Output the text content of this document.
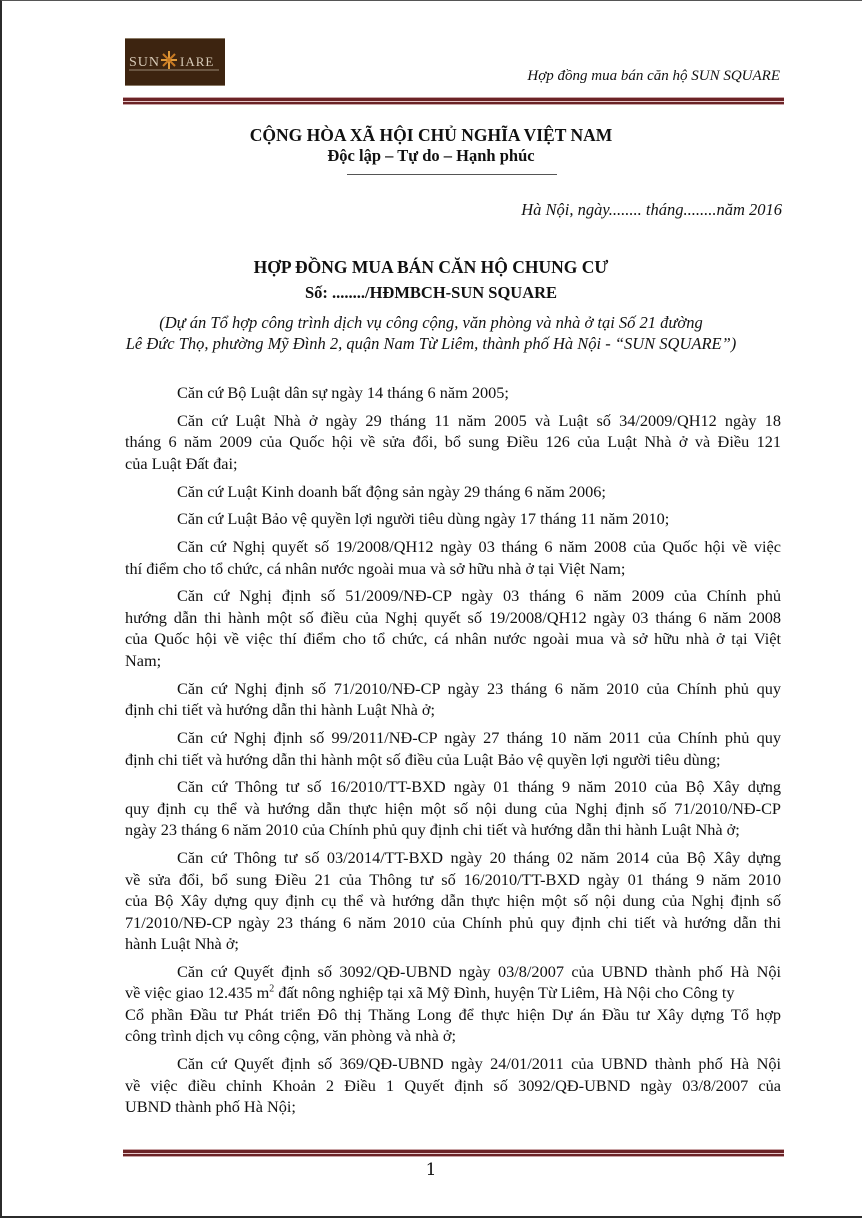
SUN IARE
Hợp đồng mua bán căn hộ SUN SQUARE
CỘNG HÒA XÃ HỘI CHỦ NGHĨA VIỆT NAM
Độc lập – Tự do – Hạnh phúc
Hà Nội, ngày........ tháng........năm 2016
HỢP ĐỒNG MUA BÁN CĂN HỘ CHUNG CƯ
Số: ......../HĐMBCH-SUN SQUARE
(Dự án Tổ hợp công trình dịch vụ công cộng, văn phòng và nhà ở tại Số 21 đường
Lê Đức Thọ, phường Mỹ Đình 2, quận Nam Từ Liêm, thành phố Hà Nội - “SUN SQUARE”)
Căn cứ Bộ Luật dân sự ngày 14 tháng 6 năm 2005;
Căn cứ Luật Nhà ở ngày 29 tháng 11 năm 2005 và Luật số 34/2009/QH12 ngày 18
tháng 6 năm 2009 của Quốc hội về sửa đổi, bổ sung Điều 126 của Luật Nhà ở và Điều 121
của Luật Đất đai;
Căn cứ Luật Kinh doanh bất động sản ngày 29 tháng 6 năm 2006;
Căn cứ Luật Bảo vệ quyền lợi người tiêu dùng ngày 17 tháng 11 năm 2010;
Căn cứ Nghị quyết số 19/2008/QH12 ngày 03 tháng 6 năm 2008 của Quốc hội về việc
thí điểm cho tổ chức, cá nhân nước ngoài mua và sở hữu nhà ở tại Việt Nam;
Căn cứ Nghị định số 51/2009/NĐ-CP ngày 03 tháng 6 năm 2009 của Chính phủ
hướng dẫn thi hành một số điều của Nghị quyết số 19/2008/QH12 ngày 03 tháng 6 năm 2008
của Quốc hội về việc thí điểm cho tổ chức, cá nhân nước ngoài mua và sở hữu nhà ở tại Việt
Nam;
Căn cứ Nghị định số 71/2010/NĐ-CP ngày 23 tháng 6 năm 2010 của Chính phủ quy
định chi tiết và hướng dẫn thi hành Luật Nhà ở;
Căn cứ Nghị định số 99/2011/NĐ-CP ngày 27 tháng 10 năm 2011 của Chính phủ quy
định chi tiết và hướng dẫn thi hành một số điều của Luật Bảo vệ quyền lợi người tiêu dùng;
Căn cứ Thông tư số 16/2010/TT-BXD ngày 01 tháng 9 năm 2010 của Bộ Xây dựng
quy định cụ thể và hướng dẫn thực hiện một số nội dung của Nghị định số 71/2010/NĐ-CP
ngày 23 tháng 6 năm 2010 của Chính phủ quy định chi tiết và hướng dẫn thi hành Luật Nhà ở;
Căn cứ Thông tư số 03/2014/TT-BXD ngày 20 tháng 02 năm 2014 của Bộ Xây dựng
về sửa đổi, bổ sung Điều 21 của Thông tư số 16/2010/TT-BXD ngày 01 tháng 9 năm 2010
của Bộ Xây dựng quy định cụ thể và hướng dẫn thực hiện một số nội dung của Nghị định số
71/2010/NĐ-CP ngày 23 tháng 6 năm 2010 của Chính phủ quy định chi tiết và hướng dẫn thi
hành Luật Nhà ở;
Căn cứ Quyết định số 3092/QĐ-UBND ngày 03/8/2007 của UBND thành phố Hà Nội
về việc giao 12.435 $m^2$ đất nông nghiệp tại xã Mỹ Đình, huyện Từ Liêm, Hà Nội cho Công ty
Cổ phần Đầu tư Phát triển Đô thị Thăng Long để thực hiện Dự án Đầu tư Xây dựng Tổ hợp
công trình dịch vụ công cộng, văn phòng và nhà ở;
Căn cứ Quyết định số 369/QĐ-UBND ngày 24/01/2011 của UBND thành phố Hà Nội
về việc điều chỉnh Khoản 2 Điều 1 Quyết định số 3092/QĐ-UBND ngày 03/8/2007 của
UBND thành phố Hà Nội;
1
